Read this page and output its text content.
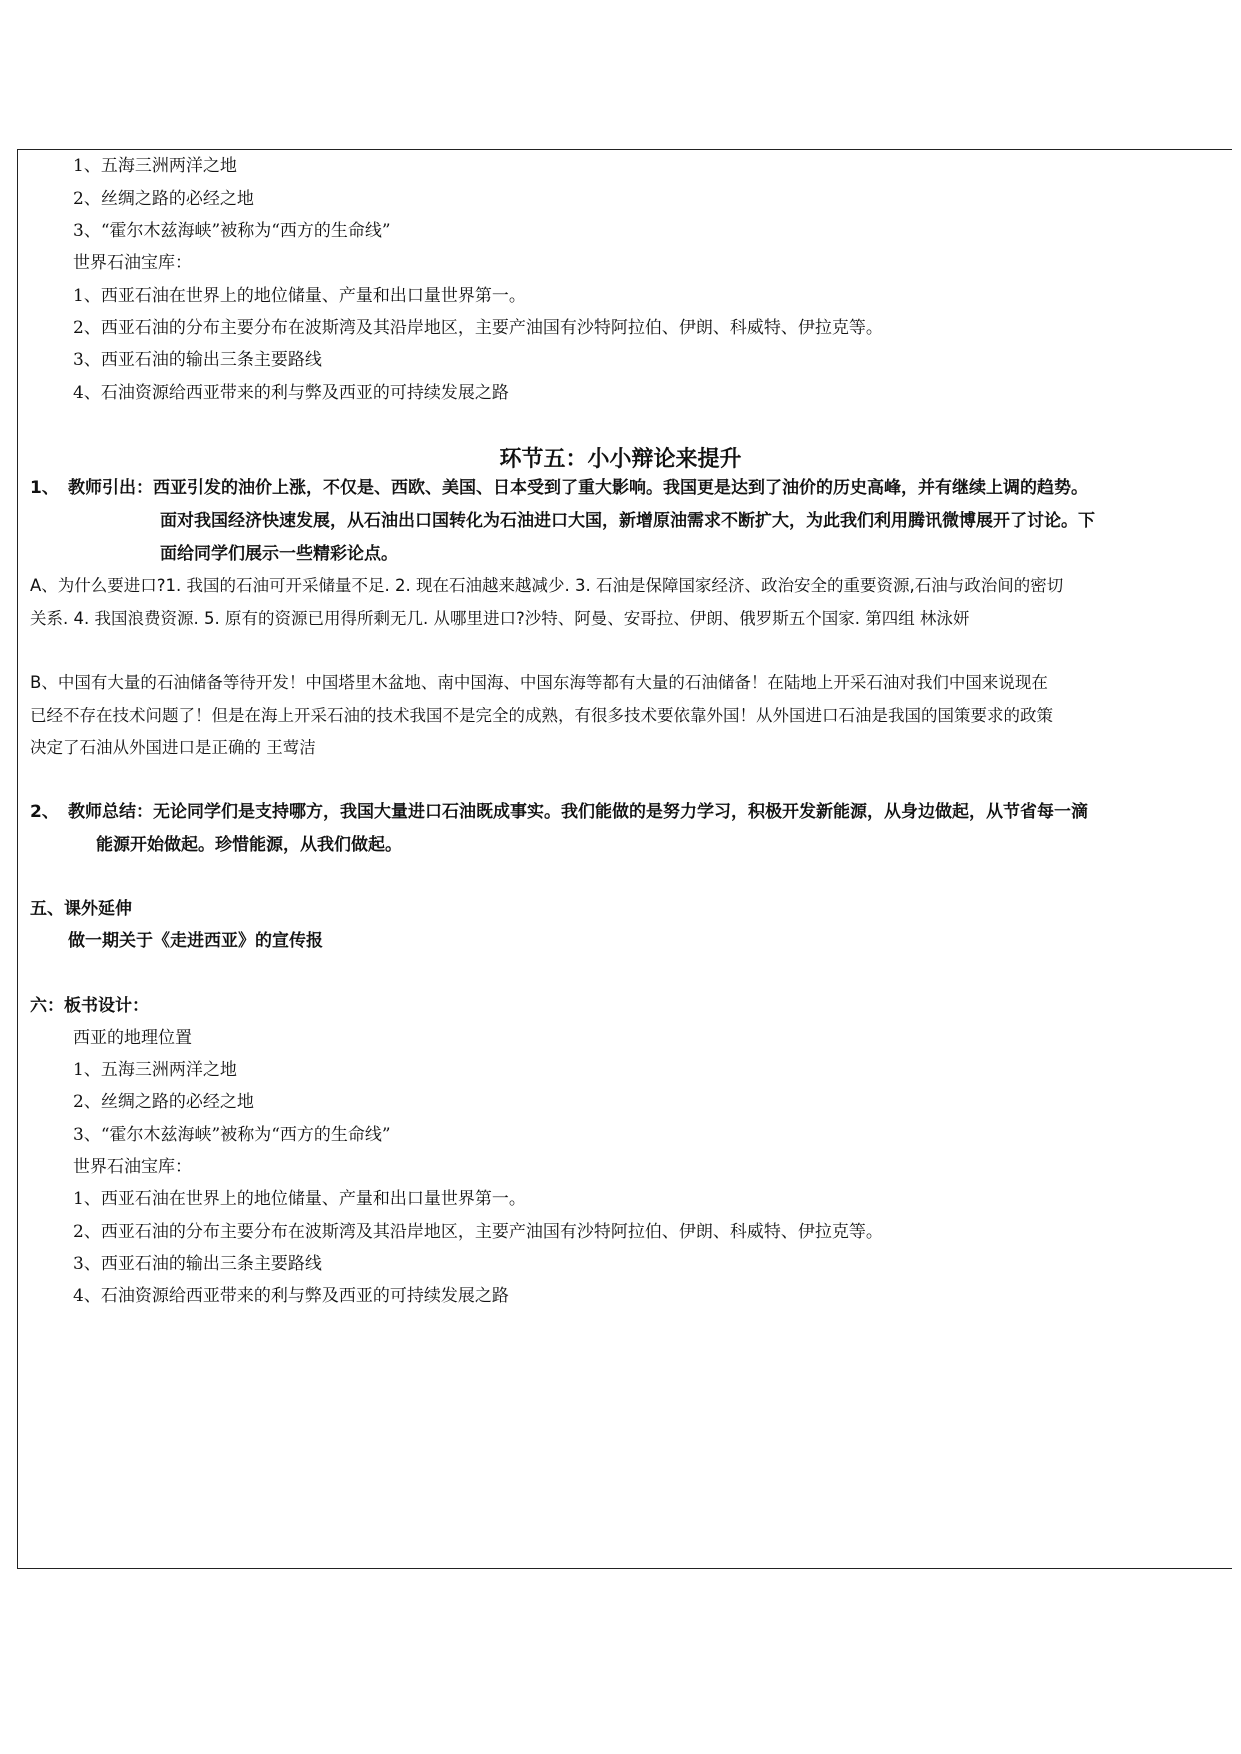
1、五海三洲两洋之地
2、丝绸之路的必经之地
3、“霍尔木兹海峡”被称为“西方的生命线”
世界石油宝库：
1、西亚石油在世界上的地位储量、产量和出口量世界第一。
2、西亚石油的分布主要分布在波斯湾及其沿岸地区，主要产油国有沙特阿拉伯、伊朗、科威特、伊拉克等。
3、西亚石油的输出三条主要路线
4、石油资源给西亚带来的利与弊及西亚的可持续发展之路
环节五：小小辩论来提升
1、 教师引出：西亚引发的油价上涨，不仅是、西欧、美国、日本受到了重大影响。我国更是达到了油价的历史高峰，并有继续上调的趋势。
面对我国经济快速发展，从石油出口国转化为石油进口大国，新增原油需求不断扩大，为此我们利用腾讯微博展开了讨论。下
面给同学们展示一些精彩论点。
A、为什么要进口?1. 我国的石油可开采储量不足. 2. 现在石油越来越减少. 3. 石油是保障国家经济、政治安全的重要资源,石油与政治间的密切
关系. 4. 我国浪费资源. 5. 原有的资源已用得所剩无几. 从哪里进口?沙特、阿曼、安哥拉、伊朗、俄罗斯五个国家. 第四组 林泳妍
B、中国有大量的石油储备等待开发！中国塔里木盆地、南中国海、中国东海等都有大量的石油储备！在陆地上开采石油对我们中国来说现在
已经不存在技术问题了！但是在海上开采石油的技术我国不是完全的成熟，有很多技术要依靠外国！从外国进口石油是我国的国策要求的政策
决定了石油从外国进口是正确的 王莺洁
2、 教师总结：无论同学们是支持哪方，我国大量进口石油既成事实。我们能做的是努力学习，积极开发新能源，从身边做起，从节省每一滴
能源开始做起。珍惜能源，从我们做起。
五、课外延伸
做一期关于《走进西亚》的宣传报
六：板书设计：
西亚的地理位置
1、五海三洲两洋之地
2、丝绸之路的必经之地
3、“霍尔木兹海峡”被称为“西方的生命线”
世界石油宝库：
1、西亚石油在世界上的地位储量、产量和出口量世界第一。
2、西亚石油的分布主要分布在波斯湾及其沿岸地区，主要产油国有沙特阿拉伯、伊朗、科威特、伊拉克等。
3、西亚石油的输出三条主要路线
4、石油资源给西亚带来的利与弊及西亚的可持续发展之路
